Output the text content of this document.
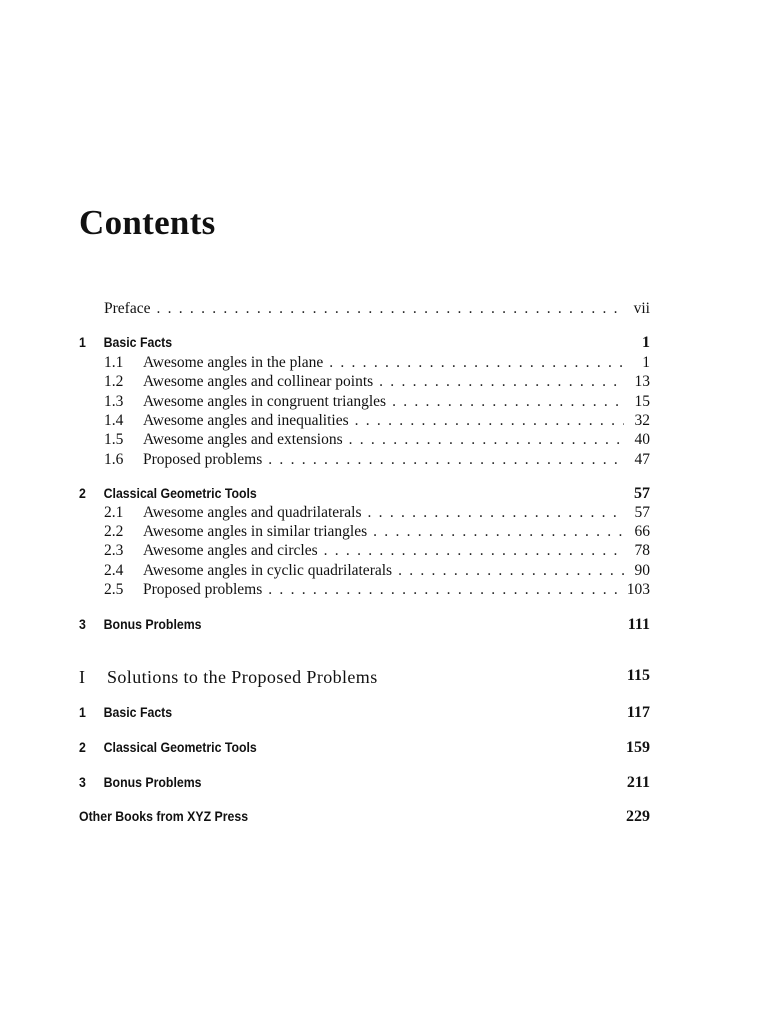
Contents
Preface . . .	vii
1 Basic Facts	1
1.1	Awesome angles in the plane . . .	1
1.2	Awesome angles and collinear points . . .	13
1.3	Awesome angles in congruent triangles . . .	15
1.4	Awesome angles and inequalities . . .	32
1.5	Awesome angles and extensions . . .	40
1.6	Proposed problems . . .	47
2 Classical Geometric Tools	57
2.1	Awesome angles and quadrilaterals . . .	57
2.2	Awesome angles in similar triangles . . .	66
2.3	Awesome angles and circles . . .	78
2.4	Awesome angles in cyclic quadrilaterals . . .	90
2.5	Proposed problems . . .	103
3 Bonus Problems	111
I Solutions to the Proposed Problems	115
1 Basic Facts	117
2 Classical Geometric Tools	159
3 Bonus Problems	211
Other Books from XYZ Press	229
